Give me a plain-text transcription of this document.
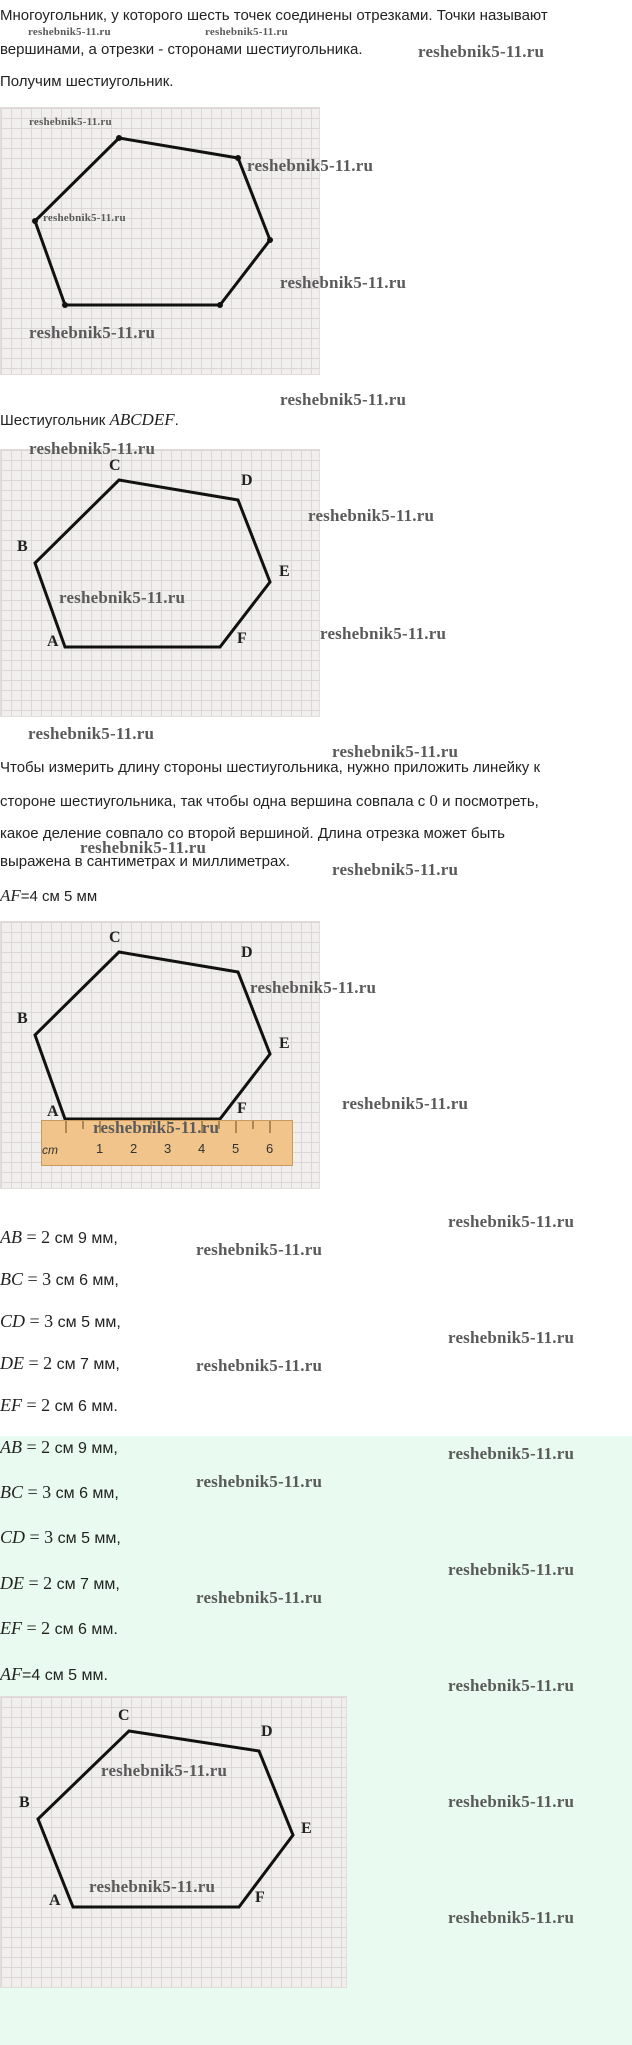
Многоугольник, у которого шесть точек соединены отрезками. Точки называют
вершинами, а отрезки - сторонами шестиугольника.
reshebnik5-11.ru	reshebnik5-11.ru
reshebnik5-11.ru
Получим шестиугольник.
reshebnik5-11.ru
reshebnik5-11.ru
reshebnik5-11.ru
reshebnik5-11.ru
reshebnik5-11.ru
reshebnik5-11.ru
Шестиугольник ABCDEF.
C
D
E
F
A
B
reshebnik5-11.ru
reshebnik5-11.ru
reshebnik5-11.ru
reshebnik5-11.ru
reshebnik5-11.ru
reshebnik5-11.ru
Чтобы измерить длину стороны шестиугольника, нужно приложить линейку к
стороне шестиугольника, так чтобы одна вершина совпала с 0 и посмотреть,
какое деление совпало со второй вершиной. Длина отрезка может быть
выражена в сантиметрах и миллиметрах.
reshebnik5-11.ru
reshebnik5-11.ru
AF=4 см 5 мм
C
D
E
F
A
B
cm	1 2 3 4 5 6
reshebnik5-11.ru
reshebnik5-11.ru
reshebnik5-11.ru
AB = 2 см 9 мм,
BC = 3 см 6 мм,
CD = 3 см 5 мм,
DE = 2 см 7 мм,
EF = 2 см 6 мм.
reshebnik5-11.ru
reshebnik5-11.ru
reshebnik5-11.ru
reshebnik5-11.ru
AB = 2 см 9 мм,
BC = 3 см 6 мм,
CD = 3 см 5 мм,
DE = 2 см 7 мм,
EF = 2 см 6 мм.
AF=4 см 5 мм.
reshebnik5-11.ru
reshebnik5-11.ru
reshebnik5-11.ru
reshebnik5-11.ru
reshebnik5-11.ru
C
D
E
F
A
B
reshebnik5-11.ru
reshebnik5-11.ru
reshebnik5-11.ru
reshebnik5-11.ru
